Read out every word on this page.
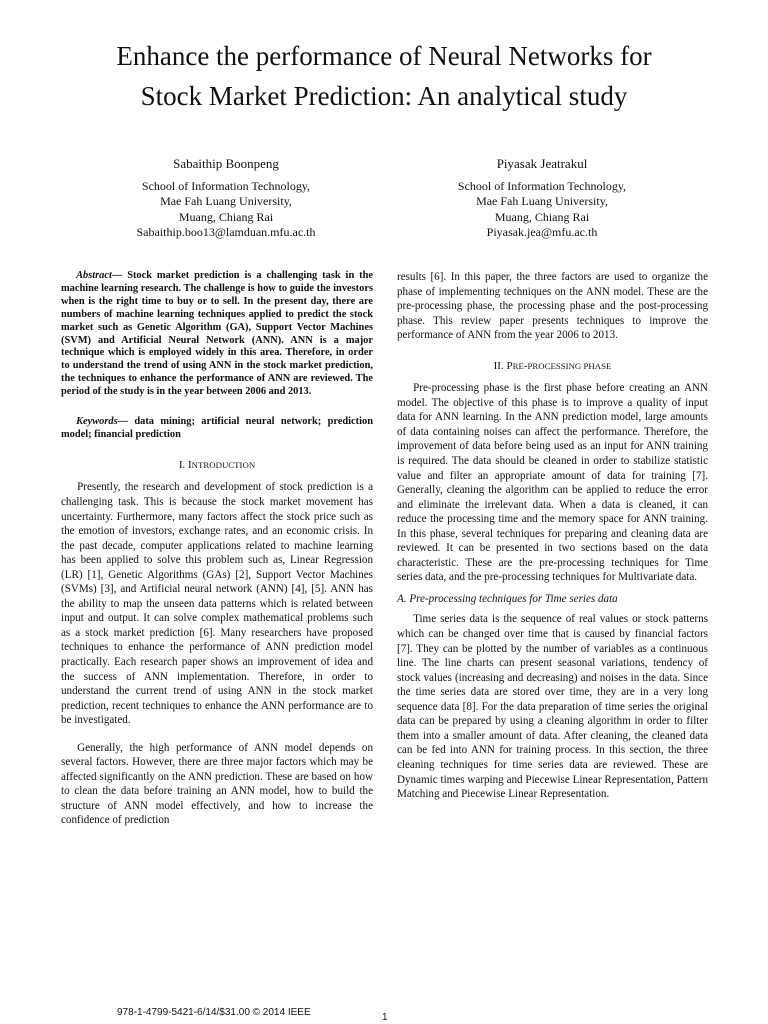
Enhance the performance of Neural Networks for
Stock Market Prediction: An analytical study
Sabaithip Boonpeng
School of Information Technology,
Mae Fah Luang University,
Muang, Chiang Rai
Sabaithip.boo13@lamduan.mfu.ac.th
Piyasak Jeatrakul
School of Information Technology,
Mae Fah Luang University,
Muang, Chiang Rai
Piyasak.jea@mfu.ac.th

Abstract— Stock market prediction is a challenging task in the machine learning research. The challenge is how to guide the investors when is the right time to buy or to sell. In the present day, there are numbers of machine learning techniques applied to predict the stock market such as Genetic Algorithm (GA), Support Vector Machines (SVM) and Artificial Neural Network (ANN). ANN is a major technique which is employed widely in this area. Therefore, in order to understand the trend of using ANN in the stock market prediction, the techniques to enhance the performance of ANN are reviewed. The period of the study is in the year between 2006 and 2013.

Keywords— data mining; artificial neural network; prediction model; financial prediction

I. INTRODUCTION

Presently, the research and development of stock prediction is a challenging task. This is because the stock market movement has uncertainty. Furthermore, many factors affect the stock price such as the emotion of investors, exchange rates, and an economic crisis. In the past decade, computer applications related to machine learning has been applied to solve this problem such as, Linear Regression (LR) [1], Genetic Algorithms (GAs) [2], Support Vector Machines (SVMs) [3], and Artificial neural network (ANN) [4], [5]. ANN has the ability to map the unseen data patterns which is related between input and output. It can solve complex mathematical problems such as a stock market prediction [6]. Many researchers have proposed techniques to enhance the performance of ANN prediction model practically. Each research paper shows an improvement of idea and the success of ANN implementation. Therefore, in order to understand the current trend of using ANN in the stock market prediction, recent techniques to enhance the ANN performance are to be investigated.

Generally, the high performance of ANN model depends on several factors. However, there are three major factors which may be affected significantly on the ANN prediction. These are based on how to clean the data before training an ANN model, how to build the structure of ANN model effectively, and how to increase the confidence of prediction

results [6]. In this paper, the three factors are used to organize the phase of implementing techniques on the ANN model. These are the pre-processing phase, the processing phase and the post-processing phase. This review paper presents techniques to improve the performance of ANN from the year 2006 to 2013.

II. PRE-PROCESSING PHASE

Pre-processing phase is the first phase before creating an ANN model. The objective of this phase is to improve a quality of input data for ANN learning. In the ANN prediction model, large amounts of data containing noises can affect the performance. Therefore, the improvement of data before being used as an input for ANN training is required. The data should be cleaned in order to stabilize statistic value and filter an appropriate amount of data for training [7]. Generally, cleaning the algorithm can be applied to reduce the error and eliminate the irrelevant data. When a data is cleaned, it can reduce the processing time and the memory space for ANN training. In this phase, several techniques for preparing and cleaning data are reviewed. It can be presented in two sections based on the data characteristic. These are the pre-processing techniques for Time series data, and the pre-processing techniques for Multivariate data.

A. Pre-processing techniques for Time series data

Time series data is the sequence of real values or stock patterns which can be changed over time that is caused by financial factors [7]. They can be plotted by the number of variables as a continuous line. The line charts can present seasonal variations, tendency of stock values (increasing and decreasing) and noises in the data. Since the time series data are stored over time, they are in a very long sequence data [8]. For the data preparation of time series the original data can be prepared by using a cleaning algorithm in order to filter them into a smaller amount of data. After cleaning, the cleaned data can be fed into ANN for training process. In this section, the three cleaning techniques for time series data are reviewed. These are Dynamic times warping and Piecewise Linear Representation, Pattern Matching and Piecewise Linear Representation.

978-1-4799-5421-6/14/$31.00 © 2014 IEEE	1
